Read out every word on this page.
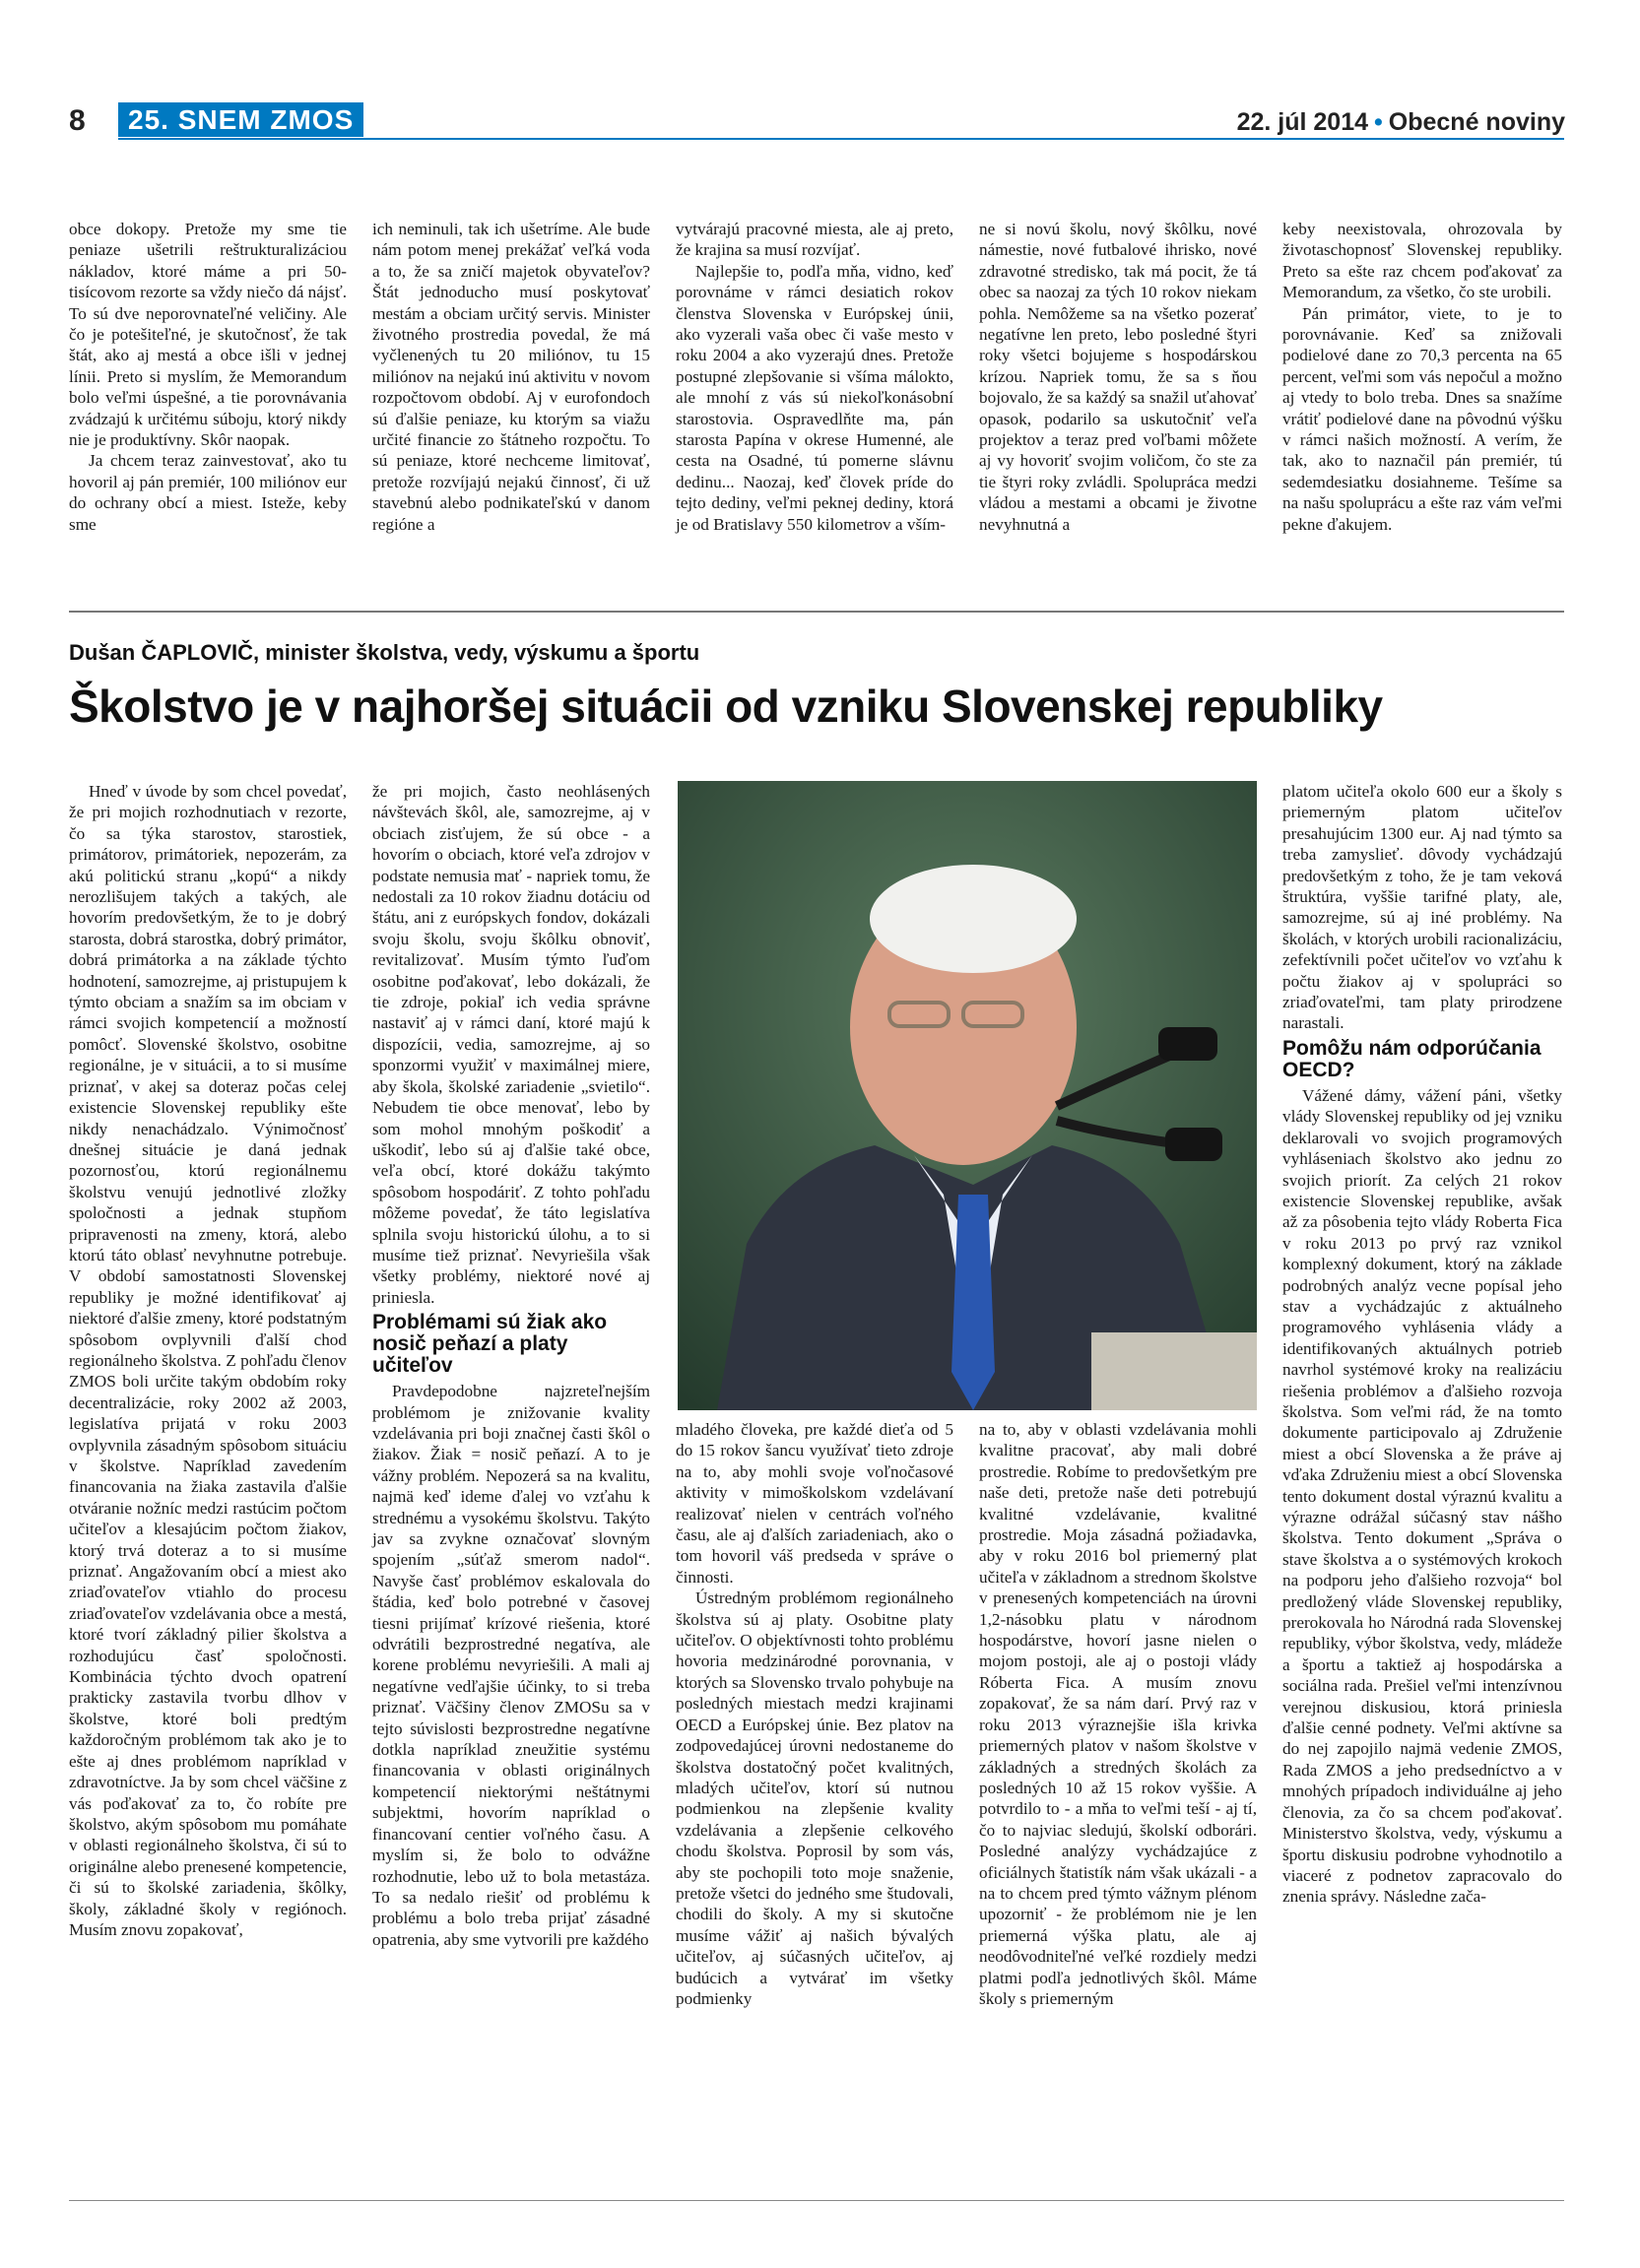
8	25. SNEM ZMOS	22. júl 2014 • Obecné noviny

obce dokopy. Pretože my sme tie peniaze ušetrili reštrukturalizáciou nákladov, ktoré máme a pri 50-tisícovom rezorte sa vždy niečo dá nájsť. To sú dve neporovnateľné veličiny. Ale čo je potešiteľné, je skutočnosť, že tak štát, ako aj mestá a obce išli v jednej línii. Preto si myslím, že Memorandum bolo veľmi úspešné, a tie porovnávania zvádzajú k určitému súboju, ktorý nikdy nie je produktívny. Skôr naopak.

Ja chcem teraz zainvestovať, ako tu hovoril aj pán premiér, 100 miliónov eur do ochrany obcí a miest. Isteže, keby sme

ich neminuli, tak ich ušetríme. Ale bude nám potom menej prekážať veľká voda a to, že sa zničí majetok obyvateľov? Štát jednoducho musí poskytovať mestám a obciam určitý servis. Minister životného prostredia povedal, že má vyčlenených tu 20 miliónov, tu 15 miliónov na nejakú inú aktivitu v novom rozpočtovom období. Aj v eurofondoch sú ďalšie peniaze, ku ktorým sa viažu určité financie zo štátneho rozpočtu. To sú peniaze, ktoré nechceme limitovať, pretože rozvíjajú nejakú činnosť, či už stavebnú alebo podnikateľskú v danom regióne a

vytvárajú pracovné miesta, ale aj preto, že krajina sa musí rozvíjať.

Najlepšie to, podľa mňa, vidno, keď porovnáme v rámci desiatich rokov členstva Slovenska v Európskej únii, ako vyzerali vaša obec či vaše mesto v roku 2004 a ako vyzerajú dnes. Pretože postupné zlepšovanie si všíma málokto, ale mnohí z vás sú niekoľkonásobní starostovia. Ospravedlňte ma, pán starosta Papína v okrese Humenné, ale cesta na Osadné, tú pomerne slávnu dedinu... Naozaj, keď človek príde do tejto dediny, veľmi peknej dediny, ktorá je od Bratislavy 550 kilometrov a vším-

ne si novú školu, nový škôlku, nové námestie, nové futbalové ihrisko, nové zdravotné stredisko, tak má pocit, že tá obec sa naozaj za tých 10 rokov niekam pohla. Nemôžeme sa na všetko pozerať negatívne len preto, lebo posledné štyri roky všetci bojujeme s hospodárskou krízou. Napriek tomu, že sa s ňou bojovalo, že sa každý sa snažil uťahovať opasok, podarilo sa uskutočniť veľa projektov a teraz pred voľbami môžete aj vy hovoriť svojim voličom, čo ste za tie štyri roky zvládli. Spolupráca medzi vládou a mestami a obcami je životne nevyhnutná a

keby neexistovala, ohrozovala by životaschopnosť Slovenskej republiky. Preto sa ešte raz chcem poďakovať za Memorandum, za všetko, čo ste urobili.

Pán primátor, viete, to je to porovnávanie. Keď sa znižovali podielové dane zo 70,3 percenta na 65 percent, veľmi som vás nepočul a možno aj vtedy to bolo treba. Dnes sa snažíme vrátiť podielové dane na pôvodnú výšku v rámci našich možností. A verím, že tak, ako to naznačil pán premiér, tú sedemdesiatku dosiahneme. Tešíme sa na našu spoluprácu a ešte raz vám veľmi pekne ďakujem.

Dušan ČAPLOVIČ, minister školstva, vedy, výskumu a športu
Školstvo je v najhoršej situácii od vzniku Slovenskej republiky

Hneď v úvode by som chcel povedať, že pri mojich rozhodnutiach v rezorte, čo sa týka starostov, starostiek, primátorov, primátoriek, nepozerám, za akú politickú stranu „kopú“ a nikdy nerozlišujem takých a takých, ale hovorím predovšetkým, že to je dobrý starosta, dobrá starostka, dobrý primátor, dobrá primátorka a na základe týchto hodnotení, samozrejme, aj pristupujem k týmto obciam a snažím sa im obciam v rámci svojich kompetencií a možností pomôcť. Slovenské školstvo, osobitne regionálne, je v situácii, a to si musíme priznať, v akej sa doteraz počas celej existencie Slovenskej republiky ešte nikdy nenachádzalo. Výnimočnosť dnešnej situácie je daná jednak pozornosťou, ktorú regionálnemu školstvu venujú jednotlivé zložky spoločnosti a jednak stupňom pripravenosti na zmeny, ktorá, alebo ktorú táto oblasť nevyhnutne potrebuje. V období samostatnosti Slovenskej republiky je možné identifikovať aj niektoré ďalšie zmeny, ktoré podstatným spôsobom ovplyvnili ďalší chod regionálneho školstva. Z pohľadu členov ZMOS boli určite takým obdobím roky decentralizácie, roky 2002 až 2003, legislatíva prijatá v roku 2003 ovplyvnila zásadným spôsobom situáciu v školstve. Napríklad zavedením financovania na žiaka zastavila ďalšie otváranie nožníc medzi rastúcim počtom učiteľov a klesajúcim počtom žiakov, ktorý trvá doteraz a to si musíme priznať. Angažovaním obcí a miest ako zriaďovateľov vtiahlo do procesu zriaďovateľov vzdelávania obce a mestá, ktoré tvorí základný pilier školstva a rozhodujúcu časť spoločnosti. Kombinácia týchto dvoch opatrení prakticky zastavila tvorbu dlhov v školstve, ktoré boli predtým každoročným problémom tak ako je to ešte aj dnes problémom napríklad v zdravotníctve. Ja by som chcel väčšine z vás poďakovať za to, čo robíte pre školstvo, akým spôsobom mu pomáhate v oblasti regionálneho školstva, či sú to originálne alebo prenesené kompetencie, či sú to školské zariadenia, škôlky, školy, základné školy v regiónoch. Musím znovu zopakovať,

že pri mojich, často neohlásených návštevách škôl, ale, samozrejme, aj v obciach zisťujem, že sú obce - a hovorím o obciach, ktoré veľa zdrojov v podstate nemusia mať - napriek tomu, že nedostali za 10 rokov žiadnu dotáciu od štátu, ani z európskych fondov, dokázali svoju školu, svoju škôlku obnoviť, revitalizovať. Musím týmto ľuďom osobitne poďakovať, lebo dokázali, že tie zdroje, pokiaľ ich vedia správne nastaviť aj v rámci daní, ktoré majú k dispozícii, vedia, samozrejme, aj so sponzormi využiť v maximálnej miere, aby škola, školské zariadenie „svietilo“. Nebudem tie obce menovať, lebo by som mohol mnohým poškodiť a uškodiť, lebo sú aj ďalšie také obce, veľa obcí, ktoré dokážu takýmto spôsobom hospodáriť. Z tohto pohľadu môžeme povedať, že táto legislatíva splnila svoju historickú úlohu, a to si musíme tiež priznať. Nevyriešila však všetky problémy, niektoré nové aj priniesla.

Problémami sú žiak ako nosič peňazí a platy učiteľov

Pravdepodobne najzreteľnejším problémom je znižovanie kvality vzdelávania pri boji značnej časti škôl o žiakov. Žiak = nosič peňazí. A to je vážny problém. Nepozerá sa na kvalitu, najmä keď ideme ďalej vo vzťahu k strednému a vysokému školstvu. Takýto jav sa zvykne označovať slovným spojením „súťaž smerom nadol“. Navyše časť problémov eskalovala do štádia, keď bolo potrebné v časovej tiesni prijímať krízové riešenia, ktoré odvrátili bezprostredné negatíva, ale korene problému nevyriešili. A mali aj negatívne vedľajšie účinky, to si treba priznať. Väčšiny členov ZMOSu sa v tejto súvislosti bezprostredne negatívne dotkla napríklad zneužitie systému financovania v oblasti originálnych kompetencií niektorými neštátnymi subjektmi, hovorím napríklad o financovaní centier voľného času. A myslím si, že bolo to odvážne rozhodnutie, lebo už to bola metastáza. To sa nedalo riešiť od problému k problému a bolo treba prijať zásadné opatrenia, aby sme vytvorili pre každého

mladého človeka, pre každé dieťa od 5 do 15 rokov šancu využívať tieto zdroje na to, aby mohli svoje voľnočasové aktivity v mimoškolskom vzdelávaní realizovať nielen v centrách voľného času, ale aj ďalších zariadeniach, ako o tom hovoril váš predseda v správe o činnosti.

Ústredným problémom regionálneho školstva sú aj platy. Osobitne platy učiteľov. O objektívnosti tohto problému hovoria medzinárodné porovnania, v ktorých sa Slovensko trvalo pohybuje na posledných miestach medzi krajinami OECD a Európskej únie. Bez platov na zodpovedajúcej úrovni nedostaneme do školstva dostatočný počet kvalitných, mladých učiteľov, ktorí sú nutnou podmienkou na zlepšenie kvality vzdelávania a zlepšenie celkového chodu školstva. Poprosil by som vás, aby ste pochopili toto moje snaženie, pretože všetci do jedného sme študovali, chodili do školy. A my si skutočne musíme vážiť aj našich bývalých učiteľov, aj súčasných učiteľov, aj budúcich a vytvárať im všetky podmienky

na to, aby v oblasti vzdelávania mohli kvalitne pracovať, aby mali dobré prostredie. Robíme to predovšetkým pre naše deti, pretože naše deti potrebujú kvalitné vzdelávanie, kvalitné prostredie. Moja zásadná požiadavka, aby v roku 2016 bol priemerný plat učiteľa v základnom a strednom školstve v prenesených kompetenciách na úrovni 1,2-násobku platu v národnom hospodárstve, hovorí jasne nielen o mojom postoji, ale aj o postoji vlády Róberta Fica. A musím znovu zopakovať, že sa nám darí. Prvý raz v roku 2013 výraznejšie išla krivka priemerných platov v našom školstve v základných a stredných školách za posledných 10 až 15 rokov vyššie. A potvrdilo to - a mňa to veľmi teší - aj tí, čo to najviac sledujú, školskí odborári. Posledné analýzy vychádzajúce z oficiálnych štatistík nám však ukázali - a na to chcem pred týmto vážnym plénom upozorniť - že problémom nie je len priemerná výška platu, ale aj neodôvodniteľné veľké rozdiely medzi platmi podľa jednotlivých škôl. Máme školy s priemerným

platom učiteľa okolo 600 eur a školy s priemerným platom učiteľov presahujúcim 1300 eur. Aj nad týmto sa treba zamyslieť. dôvody vychádzajú predovšetkým z toho, že je tam veková štruktúra, vyššie tarifné platy, ale, samozrejme, sú aj iné problémy. Na školách, v ktorých urobili racionalizáciu, zefektívnili počet učiteľov vo vzťahu k počtu žiakov aj v spolupráci so zriaďovateľmi, tam platy prirodzene narastali.

Pomôžu nám odporúčania OECD?

Vážené dámy, vážení páni, všetky vlády Slovenskej republiky od jej vzniku deklarovali vo svojich programových vyhláseniach školstvo ako jednu zo svojich priorít. Za celých 21 rokov existencie Slovenskej republike, avšak až za pôsobenia tejto vlády Roberta Fica v roku 2013 po prvý raz vznikol komplexný dokument, ktorý na základe podrobných analýz vecne popísal jeho stav a vychádzajúc z aktuálneho programového vyhlásenia vlády a identifikovaných aktuálnych potrieb navrhol systémové kroky na realizáciu riešenia problémov a ďalšieho rozvoja školstva. Som veľmi rád, že na tomto dokumente participovalo aj Združenie miest a obcí Slovenska a že práve aj vďaka Združeniu miest a obcí Slovenska tento dokument dostal výraznú kvalitu a výrazne odrážal súčasný stav nášho školstva. Tento dokument „Správa o stave školstva a o systémových krokoch na podporu jeho ďalšieho rozvoja“ bol predložený vláde Slovenskej republiky, prerokovala ho Národná rada Slovenskej republiky, výbor školstva, vedy, mládeže a športu a taktiež aj hospodárska a sociálna rada. Prešiel veľmi intenzívnou verejnou diskusiou, ktorá priniesla ďalšie cenné podnety. Veľmi aktívne sa do nej zapojilo najmä vedenie ZMOS, Rada ZMOS a jeho predsedníctvo a v mnohých prípadoch individuálne aj jeho členovia, za čo sa chcem poďakovať. Ministerstvo školstva, vedy, výskumu a športu diskusiu podrobne vyhodnotilo a viaceré z podnetov zapracovalo do znenia správy. Následne zača-
